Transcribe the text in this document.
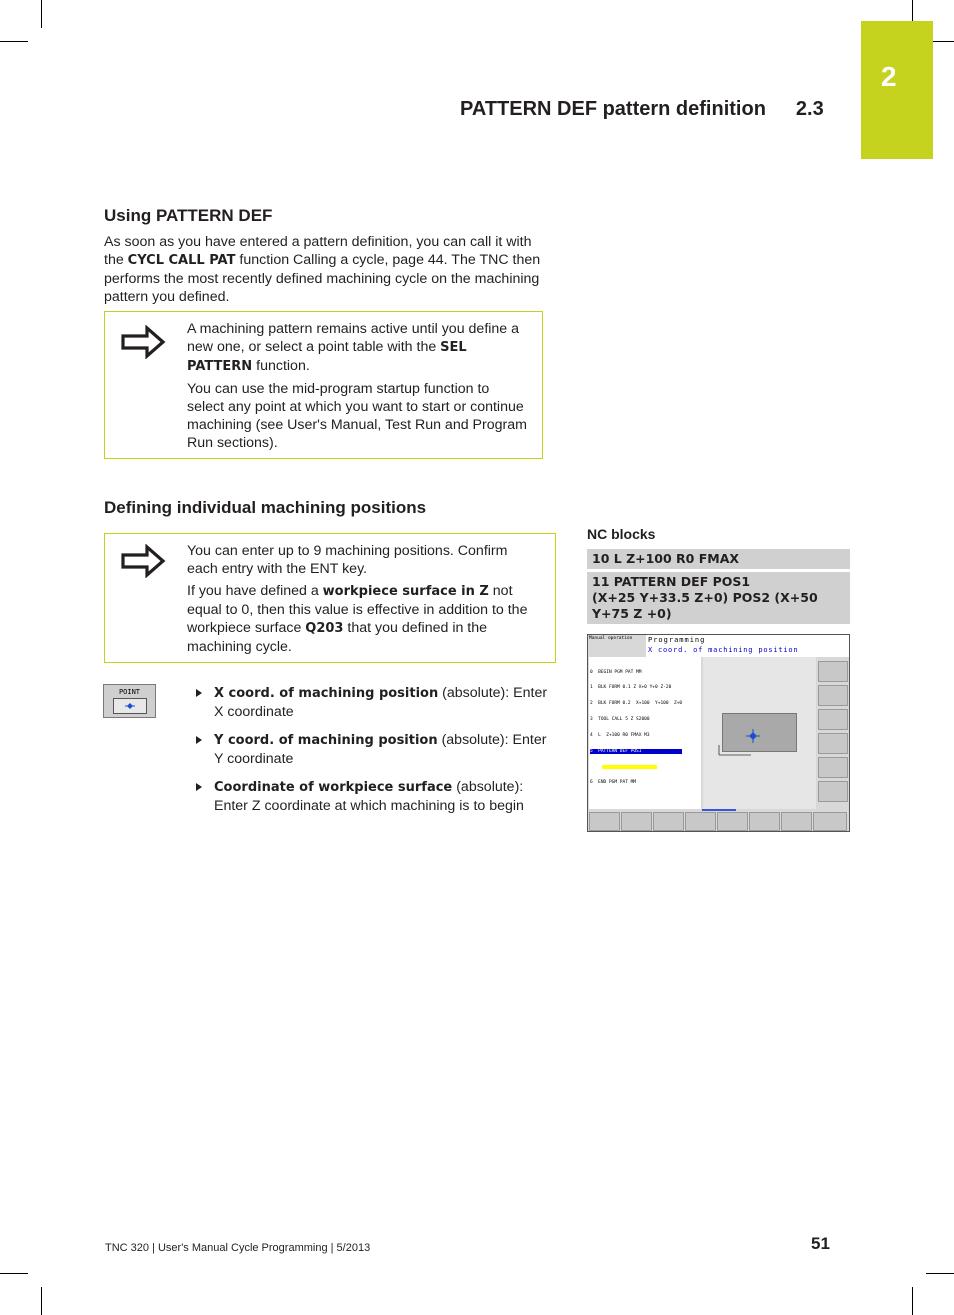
2
PATTERN DEF pattern definition 2.3
Using PATTERN DEF
As soon as you have entered a pattern definition, you can call it with the CYCL CALL PAT function Calling a cycle, page 44. The TNC then performs the most recently defined machining cycle on the machining pattern you defined.

A machining pattern remains active until you define a new one, or select a point table with the SEL PATTERN function.

You can use the mid-program startup function to select any point at which you want to start or continue machining (see User's Manual, Test Run and Program Run sections).

Defining individual machining positions

You can enter up to 9 machining positions. Confirm each entry with the ENT key.

If you have defined a workpiece surface in Z not equal to 0, then this value is effective in addition to the workpiece surface Q203 that you defined in the machining cycle.

POINT	X coord. of machining position (absolute): Enter X coordinate
Y coord. of machining position (absolute): Enter Y coordinate
Coordinate of workpiece surface (absolute): Enter Z coordinate at which machining is to begin
NC blocks
10 L Z+100 R0 FMAX
11 PATTERN DEF POS1
(X+25 Y+33.5 Z+0) POS2 (X+50 Y+75 Z +0)
Manual operation	Programming
X coord. of machining position

0  BEGIN PGM PAT MM

1  BLK FORM 0.1 Z X+0 Y+0 Z-20

2  BLK FORM 0.2  X+100  Y+100  Z+0

3  TOOL CALL 5 Z S2000

4  L  Z+100 R0 FMAX M3

5  PATTERN DEF POS1

6  END PGM PAT MM

TNC 320 | User's Manual Cycle Programming | 5/2013	51
